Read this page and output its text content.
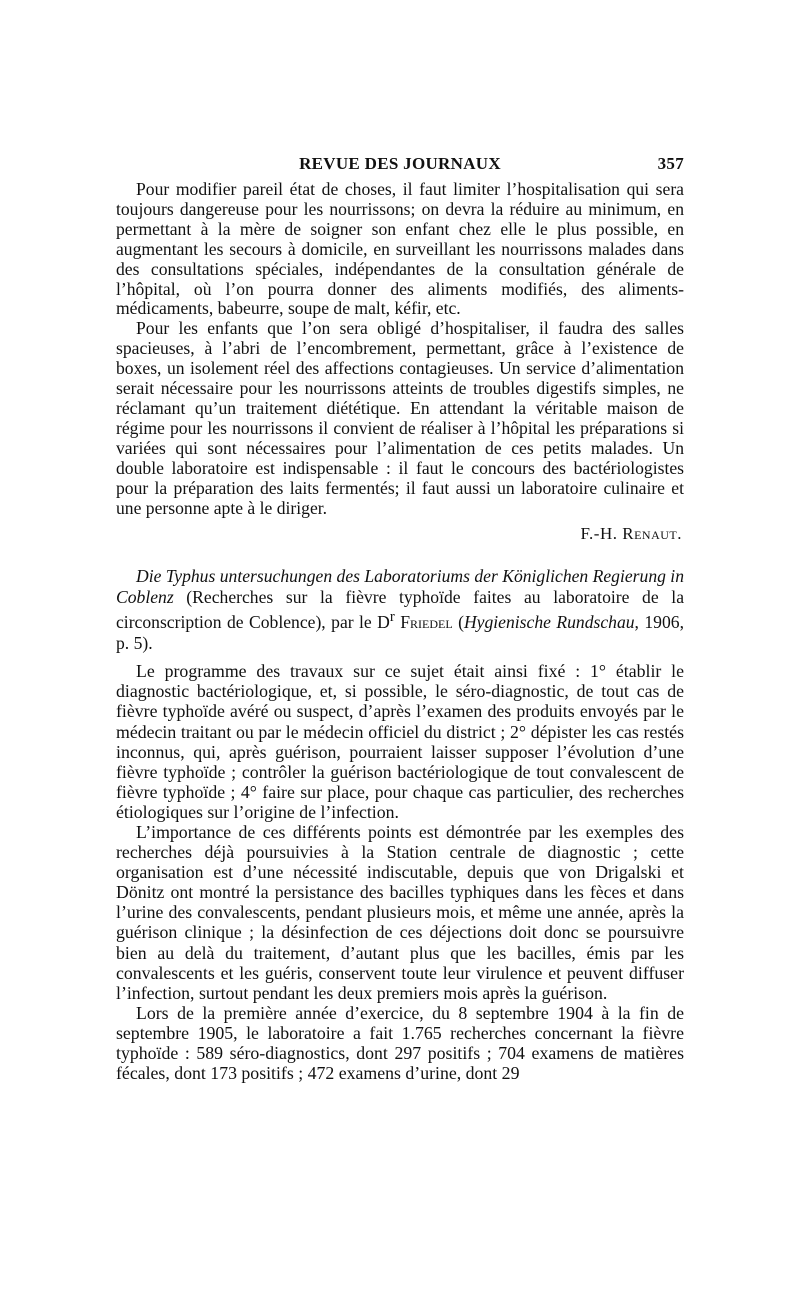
REVUE DES JOURNAUX	357

Pour modifier pareil état de choses, il faut limiter l’hospitalisation qui sera toujours dangereuse pour les nourrissons; on devra la réduire au minimum, en permettant à la mère de soigner son enfant chez elle le plus possible, en augmentant les secours à domicile, en surveillant les nourrissons malades dans des consultations spéciales, indépendantes de la consultation générale de l’hôpital, où l’on pourra donner des aliments modifiés, des aliments-médicaments, babeurre, soupe de malt, kéfir, etc.

Pour les enfants que l’on sera obligé d’hospitaliser, il faudra des salles spacieuses, à l’abri de l’encombrement, permettant, grâce à l’existence de boxes, un isolement réel des affections contagieuses. Un service d’alimentation serait nécessaire pour les nourrissons atteints de troubles digestifs simples, ne réclamant qu’un traitement diététique. En attendant la véritable maison de régime pour les nourrissons il convient de réaliser à l’hôpital les préparations si variées qui sont nécessaires pour l’alimentation de ces petits malades. Un double laboratoire est indispensable : il faut le concours des bactériologistes pour la préparation des laits fermentés; il faut aussi un laboratoire culinaire et une personne apte à le diriger.

F.-H. Renaut.
Die Typhus untersuchungen des Laboratoriums der Königlichen Regierung in Coblenz (Recherches sur la fièvre typhoïde faites au laboratoire de la circonscription de Coblence), par le $D^r$ Friedel (Hygienische Rundschau, 1906, p. 5).

Le programme des travaux sur ce sujet était ainsi fixé : 1° établir le diagnostic bactériologique, et, si possible, le séro-diagnostic, de tout cas de fièvre typhoïde avéré ou suspect, d’après l’examen des produits envoyés par le médecin traitant ou par le médecin officiel du district ; 2° dépister les cas restés inconnus, qui, après guérison, pourraient laisser supposer l’évolution d’une fièvre typhoïde ; contrôler la guérison bactériologique de tout convalescent de fièvre typhoïde ; 4° faire sur place, pour chaque cas particulier, des recherches étiologiques sur l’origine de l’infection.

L’importance de ces différents points est démontrée par les exemples des recherches déjà poursuivies à la Station centrale de diagnostic ; cette organisation est d’une nécessité indiscutable, depuis que von Drigalski et Dönitz ont montré la persistance des bacilles typhiques dans les fèces et dans l’urine des convalescents, pendant plusieurs mois, et même une année, après la guérison clinique ; la désinfection de ces déjections doit donc se poursuivre bien au delà du traitement, d’autant plus que les bacilles, émis par les convalescents et les guéris, conservent toute leur virulence et peuvent diffuser l’infection, surtout pendant les deux premiers mois après la guérison.

Lors de la première année d’exercice, du 8 septembre 1904 à la fin de septembre 1905, le laboratoire a fait 1.765 recherches concernant la fièvre typhoïde : 589 séro-diagnostics, dont 297 positifs ; 704 examens de matières fécales, dont 173 positifs ; 472 examens d’urine, dont 29
